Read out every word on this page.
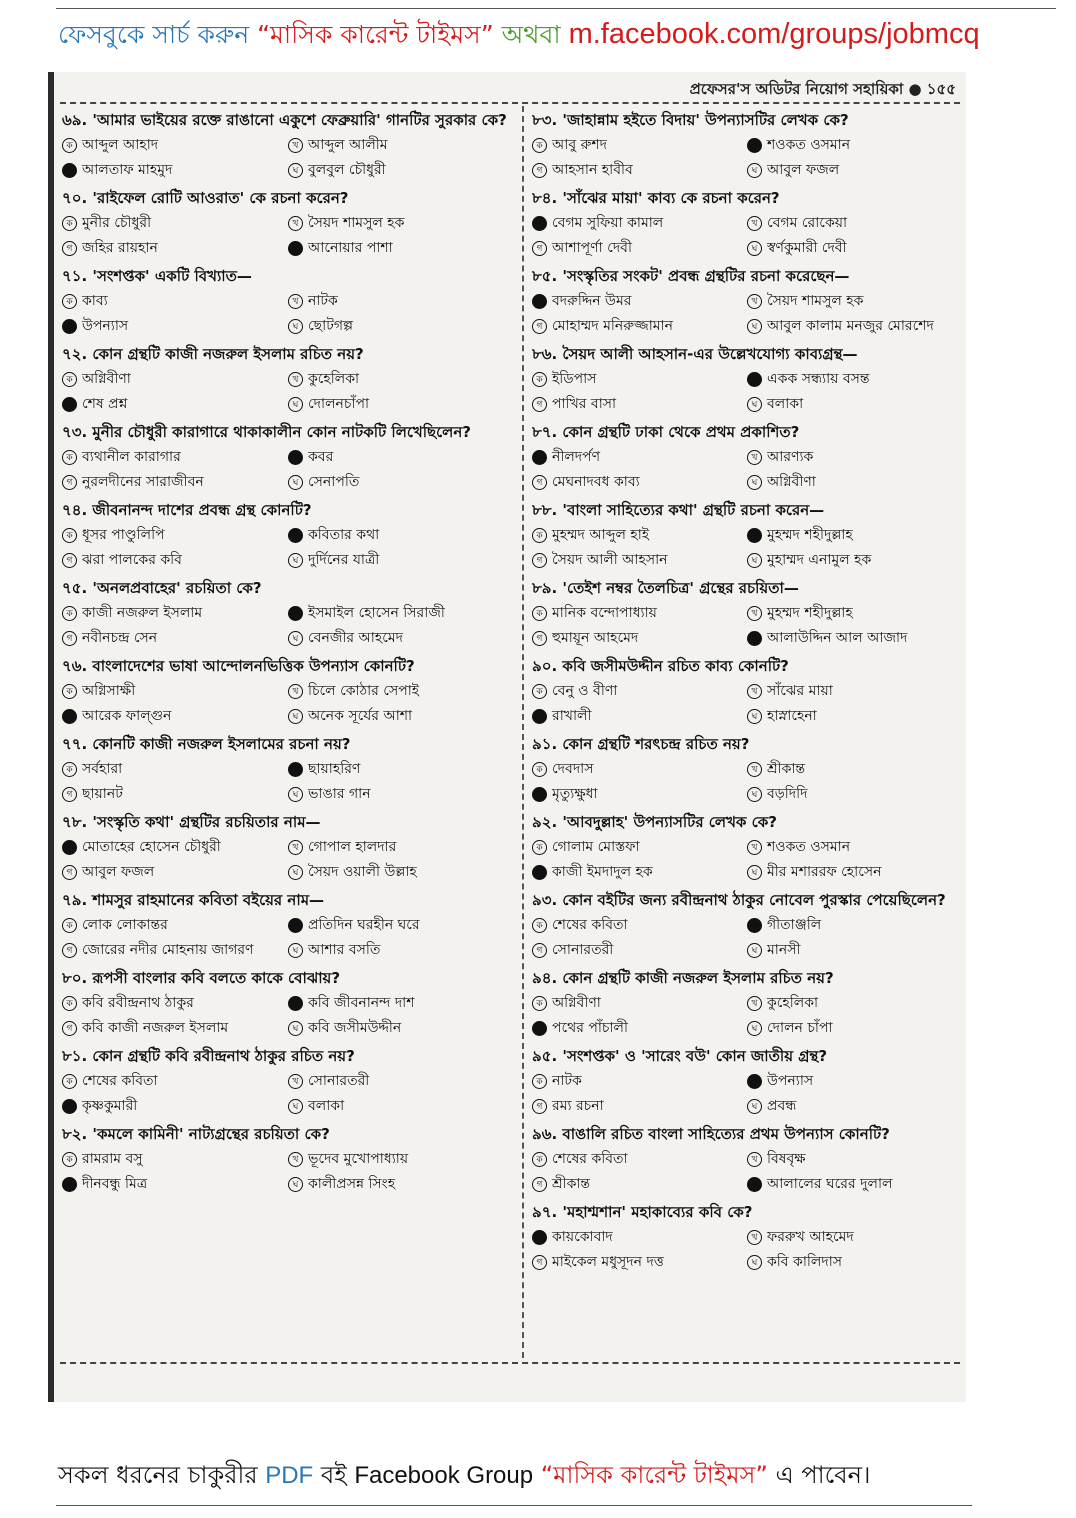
ফেসবুকে সার্চ করুন “মাসিক কারেন্ট টাইমস” অথবা m.facebook.com/groups/jobmcq
প্রফেসর'স অডিটর নিয়োগ সহায়িকা ● ১৫৫
৬৯. 'আমার ভাইয়ের রক্তে রাঙানো একুশে ফেব্রুয়ারি' গানটির সুরকার কে?
ক আব্দুল আহাদ	খ আব্দুল আলীম
গ আলতাফ মাহমুদ	ঘ বুলবুল চৌধুরী
৭০. 'রাইফেল রোটি আওরাত' কে রচনা করেন?
ক মুনীর চৌধুরী	খ সৈয়দ শামসুল হক
গ জহির রায়হান	ঘ আনোয়ার পাশা
৭১. 'সংশপ্তক' একটি বিখ্যাত—
ক কাব্য	খ নাটক
গ উপন্যাস	ঘ ছোটগল্প
৭২. কোন গ্রন্থটি কাজী নজরুল ইসলাম রচিত নয়?
ক অগ্নিবীণা	খ কুহেলিকা
গ শেষ প্রশ্ন	ঘ দোলনচাঁপা
৭৩. মুনীর চৌধুরী কারাগারে থাকাকালীন কোন নাটকটি লিখেছিলেন?
ক ব্যথানীল কারাগার	খ কবর
গ নুরলদীনের সারাজীবন	ঘ সেনাপতি
৭৪. জীবনানন্দ দাশের প্রবন্ধ গ্রন্থ কোনটি?
ক ধূসর পাণ্ডুলিপি	খ কবিতার কথা
গ ঝরা পালকের কবি	ঘ দুর্দিনের যাত্রী
৭৫. 'অনলপ্রবাহের' রচয়িতা কে?
ক কাজী নজরুল ইসলাম	খ ইসমাইল হোসেন সিরাজী
গ নবীনচন্দ্র সেন	ঘ বেনজীর আহমেদ
৭৬. বাংলাদেশের ভাষা আন্দোলনভিত্তিক উপন্যাস কোনটি?
ক অগ্নিসাক্ষী	খ চিলে কোঠার সেপাই
গ আরেক ফাল্গুন	ঘ অনেক সূর্যের আশা
৭৭. কোনটি কাজী নজরুল ইসলামের রচনা নয়?
ক সর্বহারা	খ ছায়াহরিণ
গ ছায়ানট	ঘ ভাঙার গান
৭৮. 'সংস্কৃতি কথা' গ্রন্থটির রচয়িতার নাম—
ক মোতাহের হোসেন চৌধুরী	খ গোপাল হালদার
গ আবুল ফজল	ঘ সৈয়দ ওয়ালী উল্লাহ
৭৯. শামসুর রাহমানের কবিতা বইয়ের নাম—
ক লোক লোকান্তর	খ প্রতিদিন ঘরহীন ঘরে
গ জোরের নদীর মোহনায় জাগরণ	ঘ আশার বসতি
৮০. রূপসী বাংলার কবি বলতে কাকে বোঝায়?
ক কবি রবীন্দ্রনাথ ঠাকুর	খ কবি জীবনানন্দ দাশ
গ কবি কাজী নজরুল ইসলাম	ঘ কবি জসীমউদ্দীন
৮১. কোন গ্রন্থটি কবি রবীন্দ্রনাথ ঠাকুর রচিত নয়?
ক শেষের কবিতা	খ সোনারতরী
গ কৃষ্ণকুমারী	ঘ বলাকা
৮২. 'কমলে কামিনী' নাট্যগ্রন্থের রচয়িতা কে?
ক রামরাম বসু	খ ভূদেব মুখোপাধ্যায়
গ দীনবন্ধু মিত্র	ঘ কালীপ্রসন্ন সিংহ
৮৩. 'জাহান্নাম হইতে বিদায়' উপন্যাসটির লেখক কে?
ক আবু রুশদ	খ শওকত ওসমান
গ আহসান হাবীব	ঘ আবুল ফজল
৮৪. 'সাঁঝের মায়া' কাব্য কে রচনা করেন?
ক বেগম সুফিয়া কামাল	খ বেগম রোকেয়া
গ আশাপূর্ণা দেবী	ঘ স্বর্ণকুমারী দেবী
৮৫. 'সংস্কৃতির সংকট' প্রবন্ধ গ্রন্থটির রচনা করেছেন—
ক বদরুদ্দিন উমর	খ সৈয়দ শামসুল হক
গ মোহাম্মদ মনিরুজ্জামান	ঘ আবুল কালাম মনজুর মোরশেদ
৮৬. সৈয়দ আলী আহসান-এর উল্লেখযোগ্য কাব্যগ্রন্থ—
ক ইডিপাস	খ একক সন্ধ্যায় বসন্ত
গ পাখির বাসা	ঘ বলাকা
৮৭. কোন গ্রন্থটি ঢাকা থেকে প্রথম প্রকাশিত?
ক নীলদর্পণ	খ আরণ্যক
গ মেঘনাদবধ কাব্য	ঘ অগ্নিবীণা
৮৮. 'বাংলা সাহিত্যের কথা' গ্রন্থটি রচনা করেন—
ক মুহম্মদ আব্দুল হাই	খ মুহম্মদ শহীদুল্লাহ
গ সৈয়দ আলী আহসান	ঘ মুহাম্মদ এনামুল হক
৮৯. 'তেইশ নম্বর তৈলচিত্র' গ্রন্থের রচয়িতা—
ক মানিক বন্দোপাধ্যায়	খ মুহম্মদ শহীদুল্লাহ
গ হুমায়ূন আহমেদ	ঘ আলাউদ্দিন আল আজাদ
৯০. কবি জসীমউদ্দীন রচিত কাব্য কোনটি?
ক বেনু ও বীণা	খ সাঁঝের মায়া
গ রাখালী	ঘ হাস্নাহেনা
৯১. কোন গ্রন্থটি শরৎচন্দ্র রচিত নয়?
ক দেবদাস	খ শ্রীকান্ত
গ মৃত্যুক্ষুধা	ঘ বড়দিদি
৯২. 'আবদুল্লাহ' উপন্যাসটির লেখক কে?
ক গোলাম মোস্তফা	খ শওকত ওসমান
গ কাজী ইমদাদুল হক	ঘ মীর মশাররফ হোসেন
৯৩. কোন বইটির জন্য রবীন্দ্রনাথ ঠাকুর নোবেল পুরস্কার পেয়েছিলেন?
ক শেষের কবিতা	খ গীতাঞ্জলি
গ সোনারতরী	ঘ মানসী
৯৪. কোন গ্রন্থটি কাজী নজরুল ইসলাম রচিত নয়?
ক অগ্নিবীণা	খ কুহেলিকা
গ পথের পাঁচালী	ঘ দোলন চাঁপা
৯৫. 'সংশপ্তক' ও 'সারেং বউ' কোন জাতীয় গ্রন্থ?
ক নাটক	খ উপন্যাস
গ রম্য রচনা	ঘ প্রবন্ধ
৯৬. বাঙালি রচিত বাংলা সাহিত্যের প্রথম উপন্যাস কোনটি?
ক শেষের কবিতা	খ বিষবৃক্ষ
গ শ্রীকান্ত	ঘ আলালের ঘরের দুলাল
৯৭. 'মহাশ্মশান' মহাকাব্যের কবি কে?
ক কায়কোবাদ	খ ফররুখ আহমেদ
গ মাইকেল মধুসূদন দত্ত	ঘ কবি কালিদাস
সকল ধরনের চাকুরীর PDF বই Facebook Group “মাসিক কারেন্ট টাইমস” এ পাবেন।
